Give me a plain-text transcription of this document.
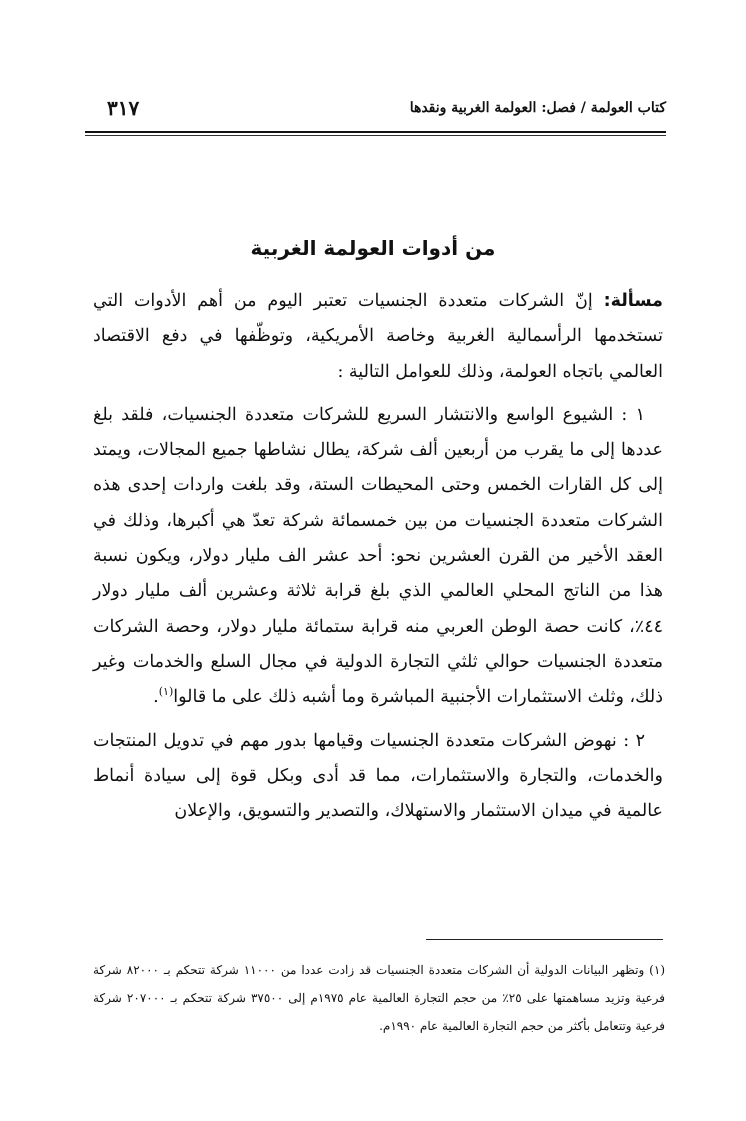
كتاب العولمة / فصل: العولمة الغربية ونقدها
٣١٧
من أدوات العولمة الغربية

مسألة: إنّ الشركات متعددة الجنسيات تعتبر اليوم من أهم الأدوات التي تستخدمها الرأسمالية الغربية وخاصة الأمريكية، وتوظّفها في دفع الاقتصاد العالمي باتجاه العولمة، وذلك للعوامل التالية :

١ : الشيوع الواسع والانتشار السريع للشركات متعددة الجنسيات، فلقد بلغ عددها إلى ما يقرب من أربعين ألف شركة، يطال نشاطها جميع المجالات، ويمتد إلى كل القارات الخمس وحتى المحيطات الستة، وقد بلغت واردات إحدى هذه الشركات متعددة الجنسيات من بين خمسمائة شركة تعدّ هي أكبرها، وذلك في العقد الأخير من القرن العشرين نحو: أحد عشر الف مليار دولار، ويكون نسبة هذا من الناتج المحلي العالمي الذي بلغ قرابة ثلاثة وعشرين ألف مليار دولار ٤٤٪، كانت حصة الوطن العربي منه قرابة ستمائة مليار دولار، وحصة الشركات متعددة الجنسيات حوالي ثلثي التجارة الدولية في مجال السلع والخدمات وغير ذلك، وثلث الاستثمارات الأجنبية المباشرة وما أشبه ذلك على ما قالوا$^{(١)}$.

٢ : نهوض الشركات متعددة الجنسيات وقيامها بدور مهم في تدويل المنتجات والخدمات، والتجارة والاستثمارات، مما قد أدى وبكل قوة إلى سيادة أنماط عالمية في ميدان الاستثمار والاستهلاك، والتصدير والتسويق، والإعلان

(١) وتظهر البيانات الدولية أن الشركات متعددة الجنسيات قد زادت عددا من ١١٠٠٠ شركة تتحكم بـ ٨٢٠٠٠ شركة فرعية وتزيد مساهمتها على ٢٥٪ من حجم التجارة العالمية عام ١٩٧٥م إلى ٣٧٥٠٠ شركة تتحكم بـ ٢٠٧٠٠٠ شركة فرعية وتتعامل بأكثر من حجم التجارة العالمية عام ١٩٩٠م.
